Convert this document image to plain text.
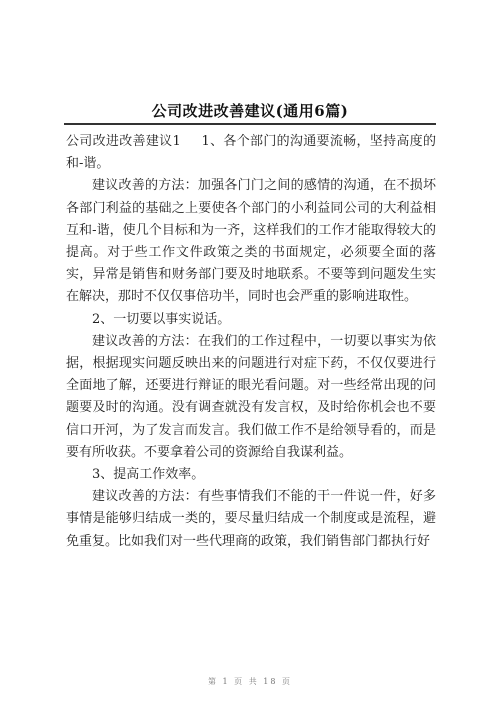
公司改进改善建议(通用6篇)

公司改进改善建议1 1、各个部门的沟通要流畅，坚持高度的和-谐。

建议改善的方法：加强各门门之间的感情的沟通，在不损坏各部门利益的基础之上要使各个部门的小利益同公司的大利益相互和-谐，使几个目标和为一齐，这样我们的工作才能取得较大的提高。对于些工作文件政策之类的书面规定，必须要全面的落实，异常是销售和财务部门要及时地联系。不要等到问题发生实在解决，那时不仅仅事倍功半，同时也会严重的影响进取性。

2、一切要以事实说话。

建议改善的方法：在我们的工作过程中，一切要以事实为依据，根据现实问题反映出来的问题进行对症下药，不仅仅要进行全面地了解，还要进行辩证的眼光看问题。对一些经常出现的问题要及时的沟通。没有调查就没有发言权，及时给你机会也不要信口开河，为了发言而发言。我们做工作不是给领导看的，而是要有所收获。不要拿着公司的资源给自我谋利益。

3、提高工作效率。

建议改善的方法：有些事情我们不能的干一件说一件，好多事情是能够归结成一类的，要尽量归结成一个制度或是流程，避免重复。比如我们对一些代理商的政策，我们销售部门都执行好

第 1 页 共 18 页
